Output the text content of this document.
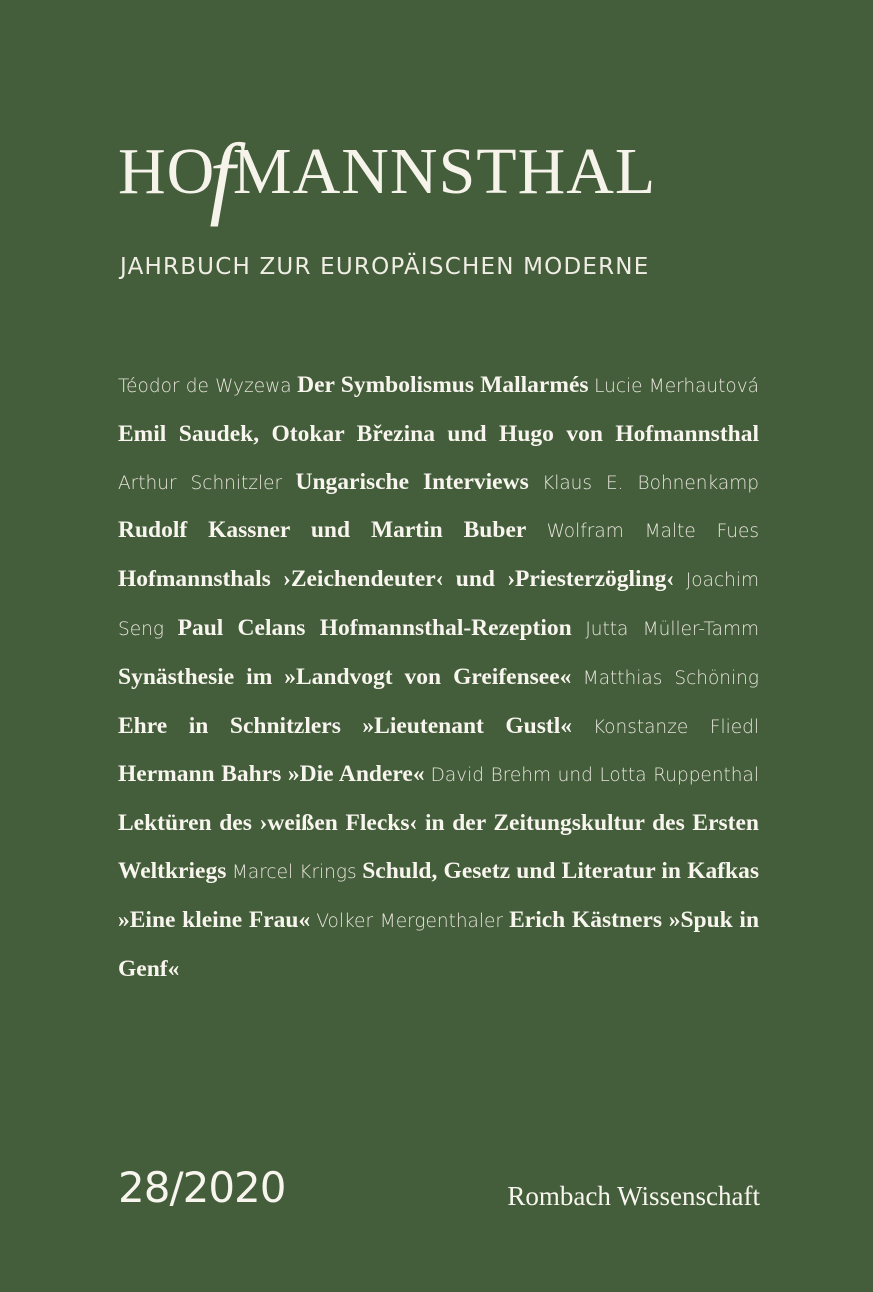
HOfMANNSTHAL
JAHRBUCH ZUR EUROPÄISCHEN MODERNE
Téodor de Wyzewa Der Symbolismus Mallarmés Lucie Merhautová Emil Saudek, Otokar Březina und Hugo von Hofmannsthal Arthur Schnitzler Ungarische Interviews Klaus E. Bohnenkamp Rudolf Kassner und Martin Buber Wolfram Malte Fues Hofmannsthals ›Zeichendeuter‹ und ›Priesterzögling‹ Joachim Seng Paul Celans Hofmannsthal-Rezeption Jutta Müller-Tamm Synästhesie im »Landvogt von Greifensee« Matthias Schöning Ehre in Schnitzlers »Lieutenant Gustl« Konstanze Fliedl Hermann Bahrs »Die Andere« David Brehm und Lotta Ruppenthal Lektüren des ›weißen Flecks‹ in der Zeitungskultur des Ersten Weltkriegs Marcel Krings Schuld, Gesetz und Literatur in Kafkas »Eine kleine Frau« Volker Mergenthaler Erich Kästners »Spuk in Genf«
28/2020	Rombach Wissenschaft
